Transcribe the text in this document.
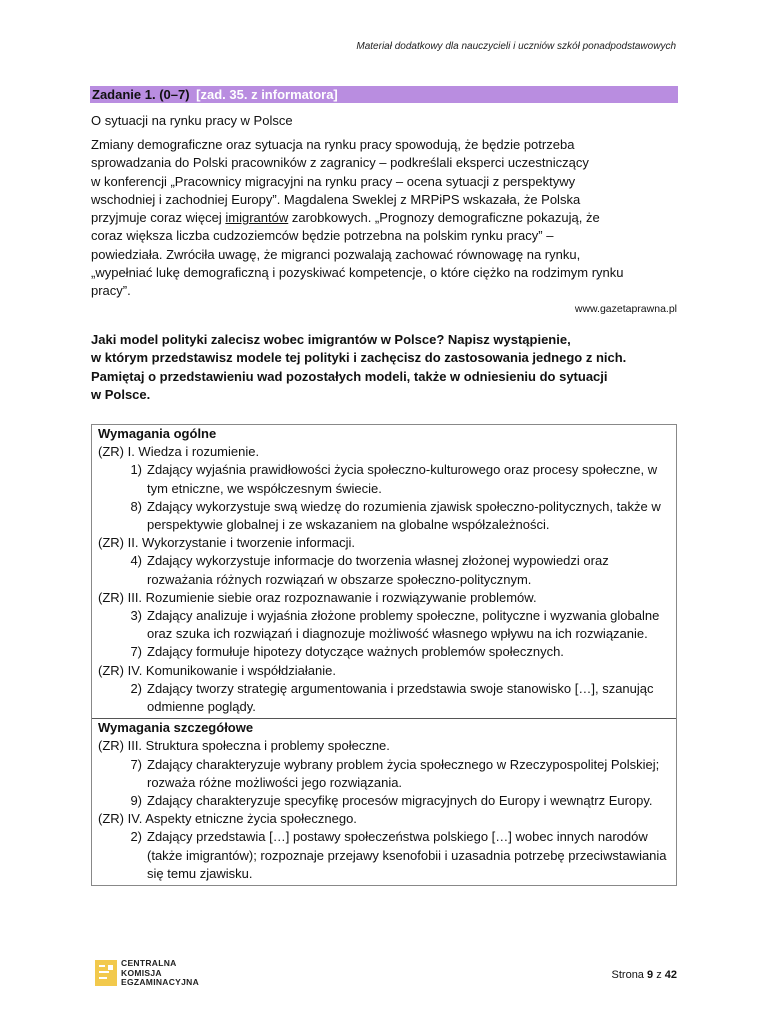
Materiał dodatkowy dla nauczycieli i uczniów szkół ponadpodstawowych
Zadanie 1. (0–7) [zad. 35. z informatora]
O sytuacji na rynku pracy w Polsce

Zmiany demograficzne oraz sytuacja na rynku pracy spowodują, że będzie potrzeba

sprowadzania do Polski pracowników z zagranicy – podkreślali eksperci uczestniczący

w konferencji „Pracownicy migracyjni na rynku pracy – ocena sytuacji z perspektywy

wschodniej i zachodniej Europy”. Magdalena Sweklej z MRPiPS wskazała, że Polska

przyjmuje coraz więcej imigrantów zarobkowych. „Prognozy demograficzne pokazują, że

coraz większa liczba cudzoziemców będzie potrzebna na polskim rynku pracy” –

powiedziała. Zwróciła uwagę, że migranci pozwalają zachować równowagę na rynku,

„wypełniać lukę demograficzną i pozyskiwać kompetencje, o które ciężko na rodzimym rynku

pracy”.

www.gazetaprawna.pl
Jaki model polityki zalecisz wobec imigrantów w Polsce? Napisz wystąpienie,
w którym przedstawisz modele tej polityki i zachęcisz do zastosowania jednego z nich.
Pamiętaj o przedstawieniu wad pozostałych modeli, także w odniesieniu do sytuacji
w Polsce.
Wymagania ogólne
(ZR) I. Wiedza i rozumienie.
1) Zdający wyjaśnia prawidłowości życia społeczno-kulturowego oraz procesy społeczne, w tym etniczne, we współczesnym świecie.
8) Zdający wykorzystuje swą wiedzę do rozumienia zjawisk społeczno-politycznych, także w perspektywie globalnej i ze wskazaniem na globalne współzależności.
(ZR) II. Wykorzystanie i tworzenie informacji.
4) Zdający wykorzystuje informacje do tworzenia własnej złożonej wypowiedzi oraz rozważania różnych rozwiązań w obszarze społeczno-politycznym.
(ZR) III. Rozumienie siebie oraz rozpoznawanie i rozwiązywanie problemów.
3) Zdający analizuje i wyjaśnia złożone problemy społeczne, polityczne i wyzwania globalne oraz szuka ich rozwiązań i diagnozuje możliwość własnego wpływu na ich rozwiązanie.
7) Zdający formułuje hipotezy dotyczące ważnych problemów społecznych.
(ZR) IV. Komunikowanie i współdziałanie.
2) Zdający tworzy strategię argumentowania i przedstawia swoje stanowisko […], szanując odmienne poglądy.
Wymagania szczegółowe
(ZR) III. Struktura społeczna i problemy społeczne.
7) Zdający charakteryzuje wybrany problem życia społecznego w Rzeczypospolitej Polskiej; rozważa różne możliwości jego rozwiązania.
9) Zdający charakteryzuje specyfikę procesów migracyjnych do Europy i wewnątrz Europy.
(ZR) IV. Aspekty etniczne życia społecznego.
2) Zdający przedstawia […] postawy społeczeństwa polskiego […] wobec innych narodów (także imigrantów); rozpoznaje przejawy ksenofobii i uzasadnia potrzebę przeciwstawiania się temu zjawisku.
CENTRALNA
KOMISJA
EGZAMINACYJNA
Strona 9 z 42
